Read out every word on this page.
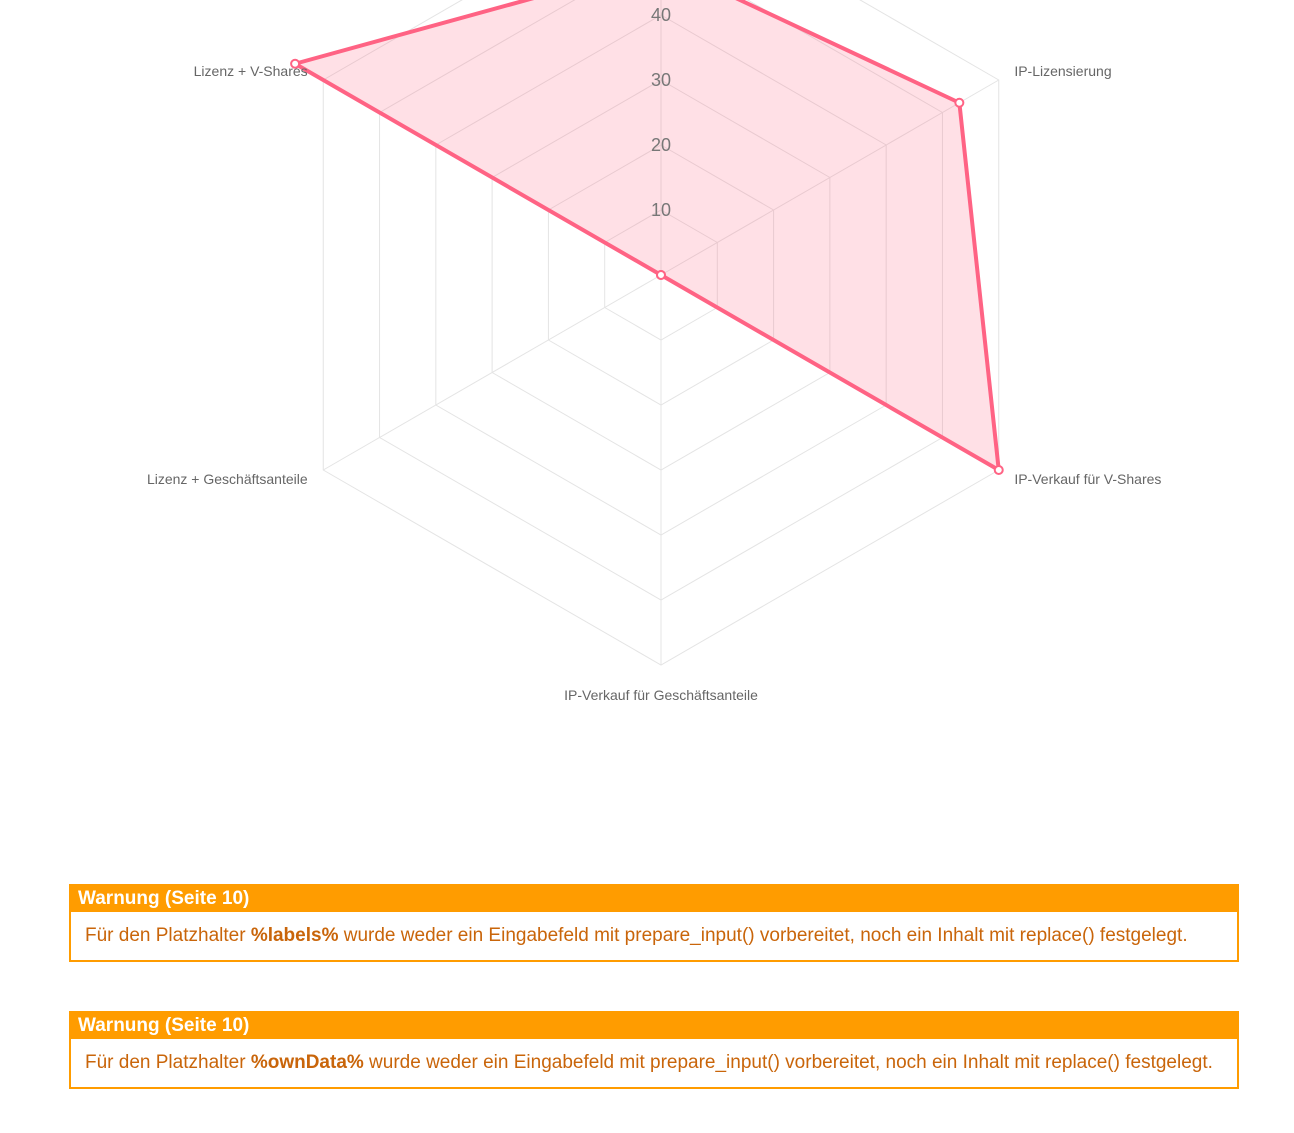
10
20
30
40
IP-Lizensierung
IP-Verkauf für V-Shares
IP-Verkauf für Geschäftsanteile
Lizenz + Geschäftsanteile
Lizenz + V-Shares
Warnung (Seite 10)
Für den Platzhalter %labels% wurde weder ein Eingabefeld mit prepare_input() vorbereitet, noch ein Inhalt mit replace() festgelegt.
Warnung (Seite 10)
Für den Platzhalter %ownData% wurde weder ein Eingabefeld mit prepare_input() vorbereitet, noch ein Inhalt mit replace() festgelegt.
